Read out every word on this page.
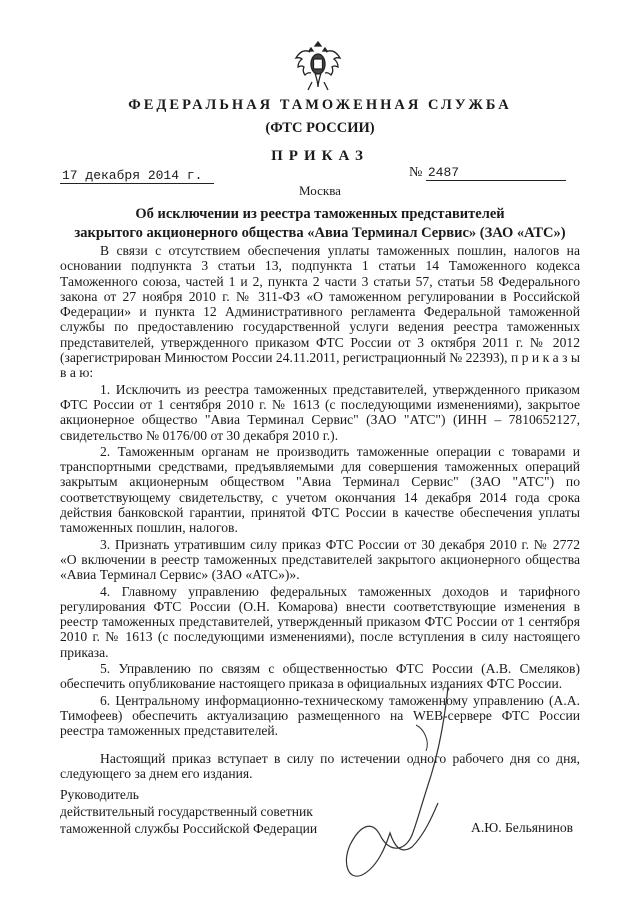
ФЕДЕРАЛЬНАЯ ТАМОЖЕННАЯ СЛУЖБА
(ФТС РОССИИ)
ПРИКАЗ
17 декабря 2014 г.	№ 2487
Москва
Об исключении из реестра таможенных представителей
закрытого акционерного общества «Авиа Терминал Сервис» (ЗАО «АТС»)

В связи с отсутствием обеспечения уплаты таможенных пошлин, налогов на основании подпункта 3 статьи 13, подпункта 1 статьи 14 Таможенного кодекса Таможенного союза, частей 1 и 2, пункта 2 части 3 статьи 57, статьи 58 Федерального закона от 27 ноября 2010 г. № 311-ФЗ «О таможенном регулировании в Российской Федерации» и пункта 12 Административного регламента Федеральной таможенной службы по предоставлению государственной услуги ведения реестра таможенных представителей, утвержденного приказом ФТС России от 3 октября 2011 г. № 2012 (зарегистрирован Минюстом России 24.11.2011, регистрационный № 22393), п р и к а з ы в а ю:

1. Исключить из реестра таможенных представителей, утвержденного приказом ФТС России от 1 сентября 2010 г. № 1613 (с последующими изменениями), закрытое акционерное общество "Авиа Терминал Сервис" (ЗАО "АТС") (ИНН – 7810652127, свидетельство № 0176/00 от 30 декабря 2010 г.).

2. Таможенным органам не производить таможенные операции с товарами и транспортными средствами, предъявляемыми для совершения таможенных операций закрытым акционерным обществом "Авиа Терминал Сервис" (ЗАО "АТС") по соответствующему свидетельству, с учетом окончания 14 декабря 2014 года срока действия банковской гарантии, принятой ФТС России в качестве обеспечения уплаты таможенных пошлин, налогов.

3. Признать утратившим силу приказ ФТС России от 30 декабря 2010 г. № 2772 «О включении в реестр таможенных представителей закрытого акционерного общества «Авиа Терминал Сервис» (ЗАО «АТС»)».

4. Главному управлению федеральных таможенных доходов и тарифного регулирования ФТС России (О.Н. Комарова) внести соответствующие изменения в реестр таможенных представителей, утвержденный приказом ФТС России от 1 сентября 2010 г. № 1613 (с последующими изменениями), после вступления в силу настоящего приказа.

5. Управлению по связям с общественностью ФТС России (А.В. Смеляков) обеспечить опубликование настоящего приказа в официальных изданиях ФТС России.

6. Центральному информационно-техническому таможенному управлению (А.А. Тимофеев) обеспечить актуализацию размещенного на WEB-сервере ФТС России реестра таможенных представителей.

Настоящий приказ вступает в силу по истечении одного рабочего дня со дня, следующего за днем его издания.

Руководитель
действительный государственный советник
таможенной службы Российской Федерации	А.Ю. Бельянинов
